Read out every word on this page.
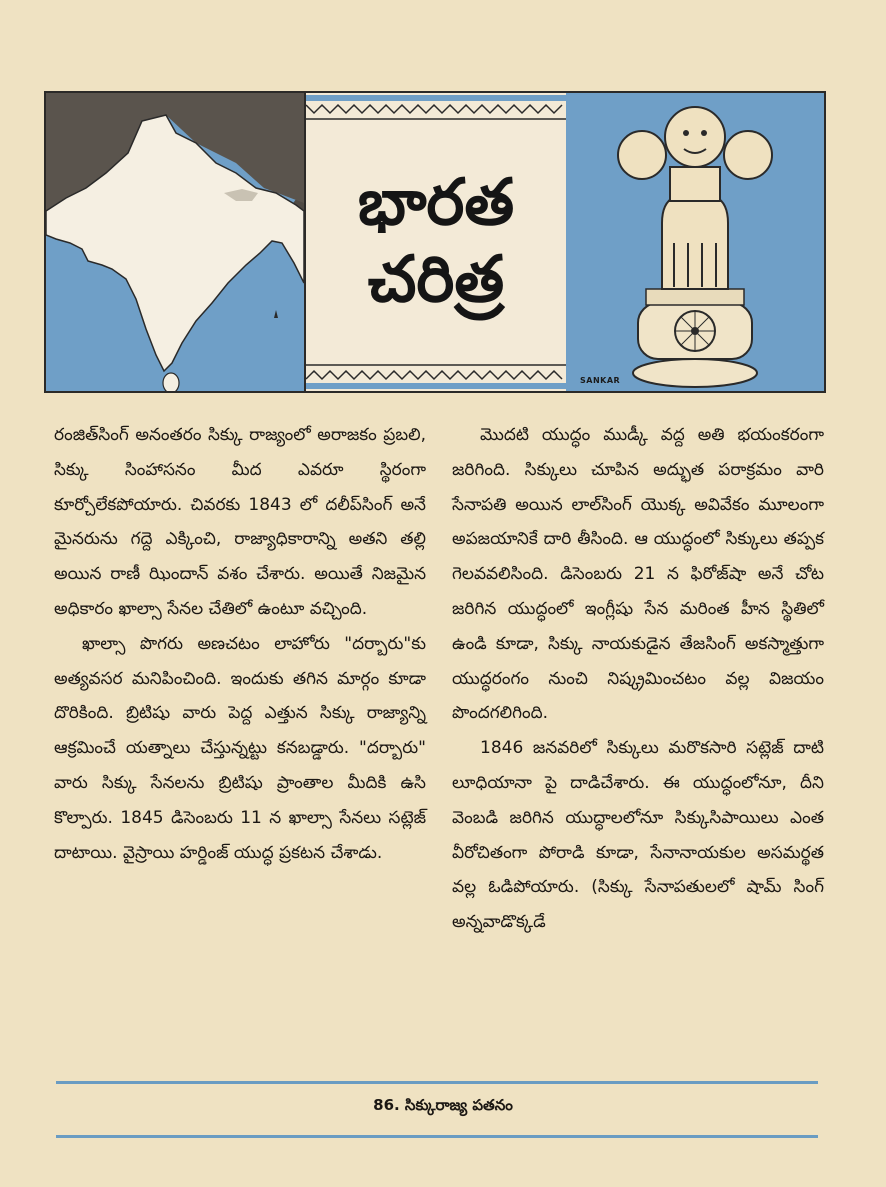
భారత
చరిత్ర
SANKAR

రంజిత్‌సింగ్ అనంతరం సిక్కు రాజ్యంలో అరాజకం ప్రబలి, సిక్కు సింహాసనం మీద ఎవరూ స్థిరంగా కూర్చోలేకపోయారు. చివరకు 1843 లో దలీప్‌సింగ్ అనే మైనరును గద్దె ఎక్కించి, రాజ్యాధికారాన్ని అతని తల్లి అయిన రాణీ ఝిందాన్ వశం చేశారు. అయితే నిజమైన అధికారం ఖాల్సా సేనల చేతిలో ఉంటూ వచ్చింది.

ఖాల్సా పొగరు అణచటం లాహోరు "దర్బారు"కు అత్యవసర మనిపించింది. ఇందుకు తగిన మార్గం కూడా దొరికింది. బ్రిటిషు వారు పెద్ద ఎత్తున సిక్కు రాజ్యాన్ని ఆక్రమించే యత్నాలు చేస్తున్నట్టు కనబడ్డారు. "దర్బారు" వారు సిక్కు సేనలను బ్రిటిషు ప్రాంతాల మీదికి ఉసి కొల్పారు. 1845 డిసెంబరు 11 న ఖాల్సా సేనలు సట్లెజ్ దాటాయి. వైస్రాయి హర్డింజ్ యుద్ధ ప్రకటన చేశాడు.

మొదటి యుద్ధం ముడ్కీ వద్ద అతి భయంకరంగా జరిగింది. సిక్కులు చూపిన అద్భుత పరాక్రమం వారి సేనాపతి అయిన లాల్‌సింగ్ యొక్క అవివేకం మూలంగా అపజయానికే దారి తీసింది. ఆ యుద్ధంలో సిక్కులు తప్పక గెలవవలిసింది. డిసెంబరు 21 న ఫిరోజ్‌షా అనే చోట జరిగిన యుద్ధంలో ఇంగ్లీషు సేన మరింత హీన స్థితిలో ఉండి కూడా, సిక్కు నాయకుడైన తేజసింగ్ అకస్మాత్తుగా యుద్ధరంగం నుంచి నిష్క్రమించటం వల్ల విజయం పొందగలిగింది.

1846 జనవరిలో సిక్కులు మరొకసారి సట్లెజ్ దాటి లూధియానా పై దాడిచేశారు. ఈ యుద్ధంలోనూ, దీని వెంబడి జరిగిన యుద్ధాలలోనూ సిక్కుసిపాయిలు ఎంత వీరోచితంగా పోరాడి కూడా, సేనానాయకుల అసమర్థత వల్ల ఓడిపోయారు. (సిక్కు సేనాపతులలో షామ్ సింగ్ అన్నవాడొక్కడే

86. సిక్కురాజ్య పతనం
